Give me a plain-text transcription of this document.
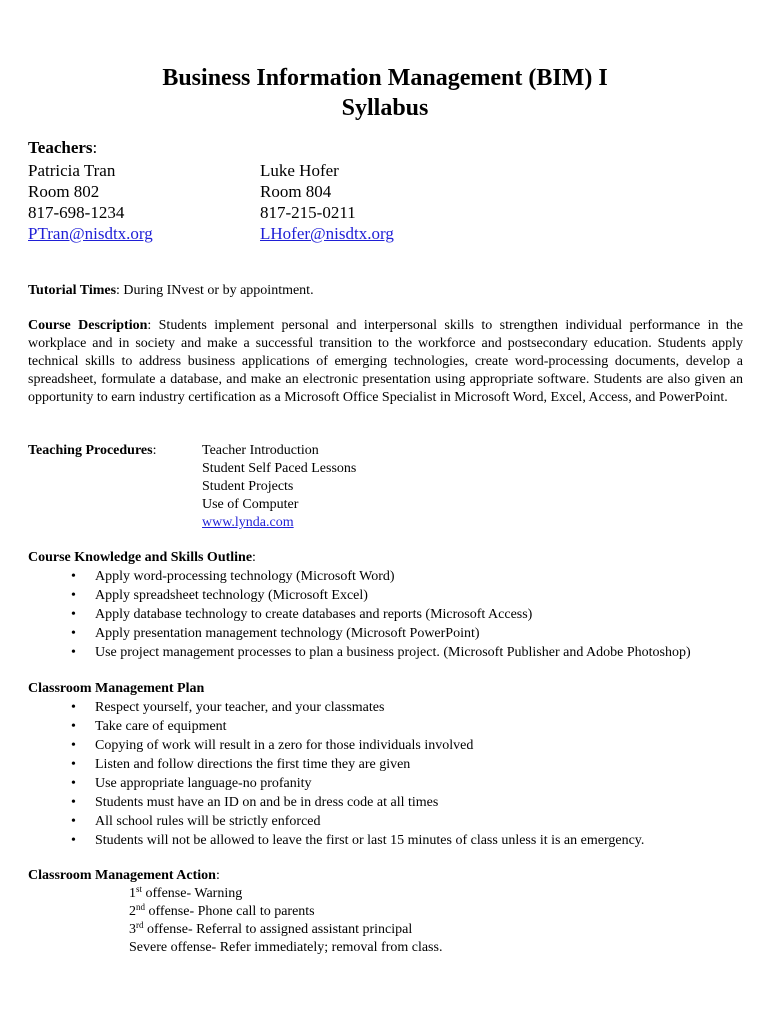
Business Information Management (BIM) I
Syllabus
Teachers:
Patricia Tran
Room 802
817-698-1234
PTran@nisdtx.org
Luke Hofer
Room 804
817-215-0211
LHofer@nisdtx.org
Tutorial Times: During INvest or by appointment.
Course Description: Students implement personal and interpersonal skills to strengthen individual performance in the workplace and in society and make a successful transition to the workforce and postsecondary education. Students apply technical skills to address business applications of emerging technologies, create word-processing documents, develop a spreadsheet, formulate a database, and make an electronic presentation using appropriate software. Students are also given an opportunity to earn industry certification as a Microsoft Office Specialist in Microsoft Word, Excel, Access, and PowerPoint.
Teaching Procedures:	Teacher Introduction
Student Self Paced Lessons
Student Projects
Use of Computer
www.lynda.com
Course Knowledge and Skills Outline:
• Apply word-processing technology (Microsoft Word)
• Apply spreadsheet technology (Microsoft Excel)
• Apply database technology to create databases and reports (Microsoft Access)
• Apply presentation management technology (Microsoft PowerPoint)
• Use project management processes to plan a business project. (Microsoft Publisher and Adobe Photoshop)
Classroom Management Plan
• Respect yourself, your teacher, and your classmates
• Take care of equipment
• Copying of work will result in a zero for those individuals involved
• Listen and follow directions the first time they are given
• Use appropriate language-no profanity
• Students must have an ID on and be in dress code at all times
• All school rules will be strictly enforced
• Students will not be allowed to leave the first or last 15 minutes of class unless it is an emergency.
Classroom Management Action:
1st offense- Warning
2nd offense- Phone call to parents
3rd offense- Referral to assigned assistant principal
Severe offense- Refer immediately; removal from class.
